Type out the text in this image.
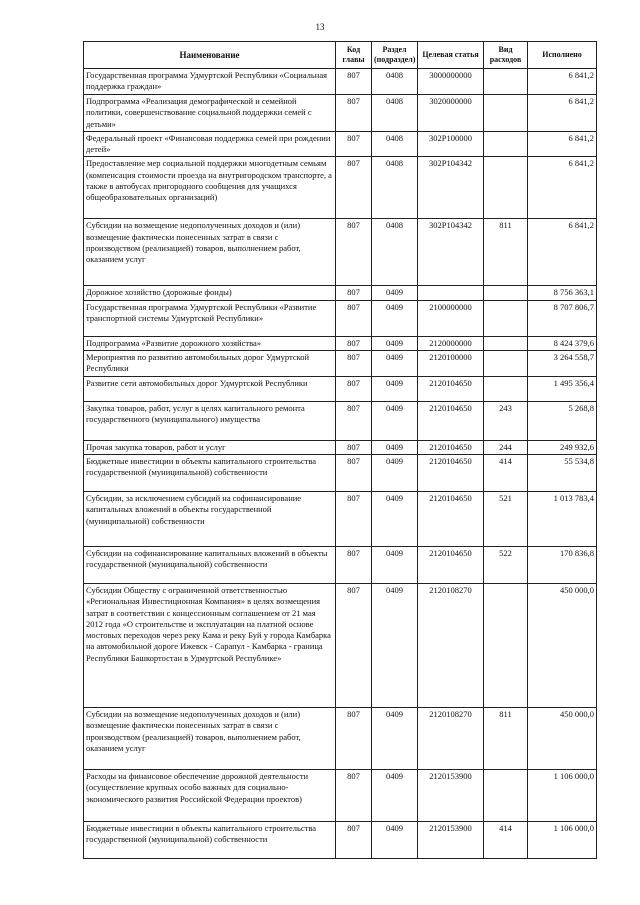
13
Наименование	Код главы	Раздел (подраздел)	Целевая статья	Вид расходов	Исполнено
Государственная программа Удмуртской Республики «Социальная поддержка граждан»	807	0408	3000000000		6 841,2
Подпрограмма «Реализация демографической и семейной политики, совершенствование социальной поддержки семей с детьми»	807	0408	3020000000		6 841,2
Федеральный проект «Финансовая поддержка семей при рождении детей»	807	0408	302P100000		6 841,2
Предоставление мер социальной поддержки многодетным семьям (компенсация стоимости проезда на внутригородском транспорте, а также в автобусах пригородного сообщения для учащихся общеобразовательных организаций)	807	0408	302P104342		6 841,2
Субсидии на возмещение недополученных доходов и (или) возмещение фактически понесенных затрат в связи с производством (реализацией) товаров, выполнением работ, оказанием услуг	807	0408	302P104342	811	6 841,2
Дорожное хозяйство (дорожные фонды)	807	0409			8 756 363,1
Государственная программа Удмуртской Республики «Развитие транспортной системы Удмуртской Республики»	807	0409	2100000000		8 707 806,7
Подпрограмма «Развитие дорожного хозяйства»	807	0409	2120000000		8 424 379,6
Мероприятия по развитию автомобильных дорог Удмуртской Республики	807	0409	2120100000		3 264 558,7
Развитие сети автомобильных дорог Удмуртской Республики	807	0409	2120104650		1 495 356,4
Закупка товаров, работ, услуг в целях капитального ремонта государственного (муниципального) имущества	807	0409	2120104650	243	5 268,8
Прочая закупка товаров, работ и услуг	807	0409	2120104650	244	249 932,6
Бюджетные инвестиции в объекты капитального строительства государственной (муниципальной) собственности	807	0409	2120104650	414	55 534,8
Субсидии, за исключением субсидий на софинансирование капитальных вложений в объекты государственной (муниципальной) собственности	807	0409	2120104650	521	1 013 783,4
Субсидии на софинансирование капитальных вложений в объекты государственной (муниципальной) собственности	807	0409	2120104650	522	170 836,8
Субсидии Обществу с ограниченной ответственностью «Региональная Инвестиционная Компания» в целях возмещения затрат в соответствии с концессионным соглашением от 21 мая 2012 года «О строительстве и эксплуатации на платной основе мостовых переходов через реку Кама и реку Буй у города Камбарка на автомобильной дороге Ижевск - Сарапул - Камбарка - граница Республики Башкортостан в Удмуртской Республике»	807	0409	2120108270		450 000,0
Субсидии на возмещение недополученных доходов и (или) возмещение фактически понесенных затрат в связи с производством (реализацией) товаров, выполнением работ, оказанием услуг	807	0409	2120108270	811	450 000,0
Расходы на финансовое обеспечение дорожной деятельности (осуществление крупных особо важных для социально-экономического развития Российской Федерации проектов)	807	0409	2120153900		1 106 000,0
Бюджетные инвестиции в объекты капитального строительства государственной (муниципальной) собственности	807	0409	2120153900	414	1 106 000,0
